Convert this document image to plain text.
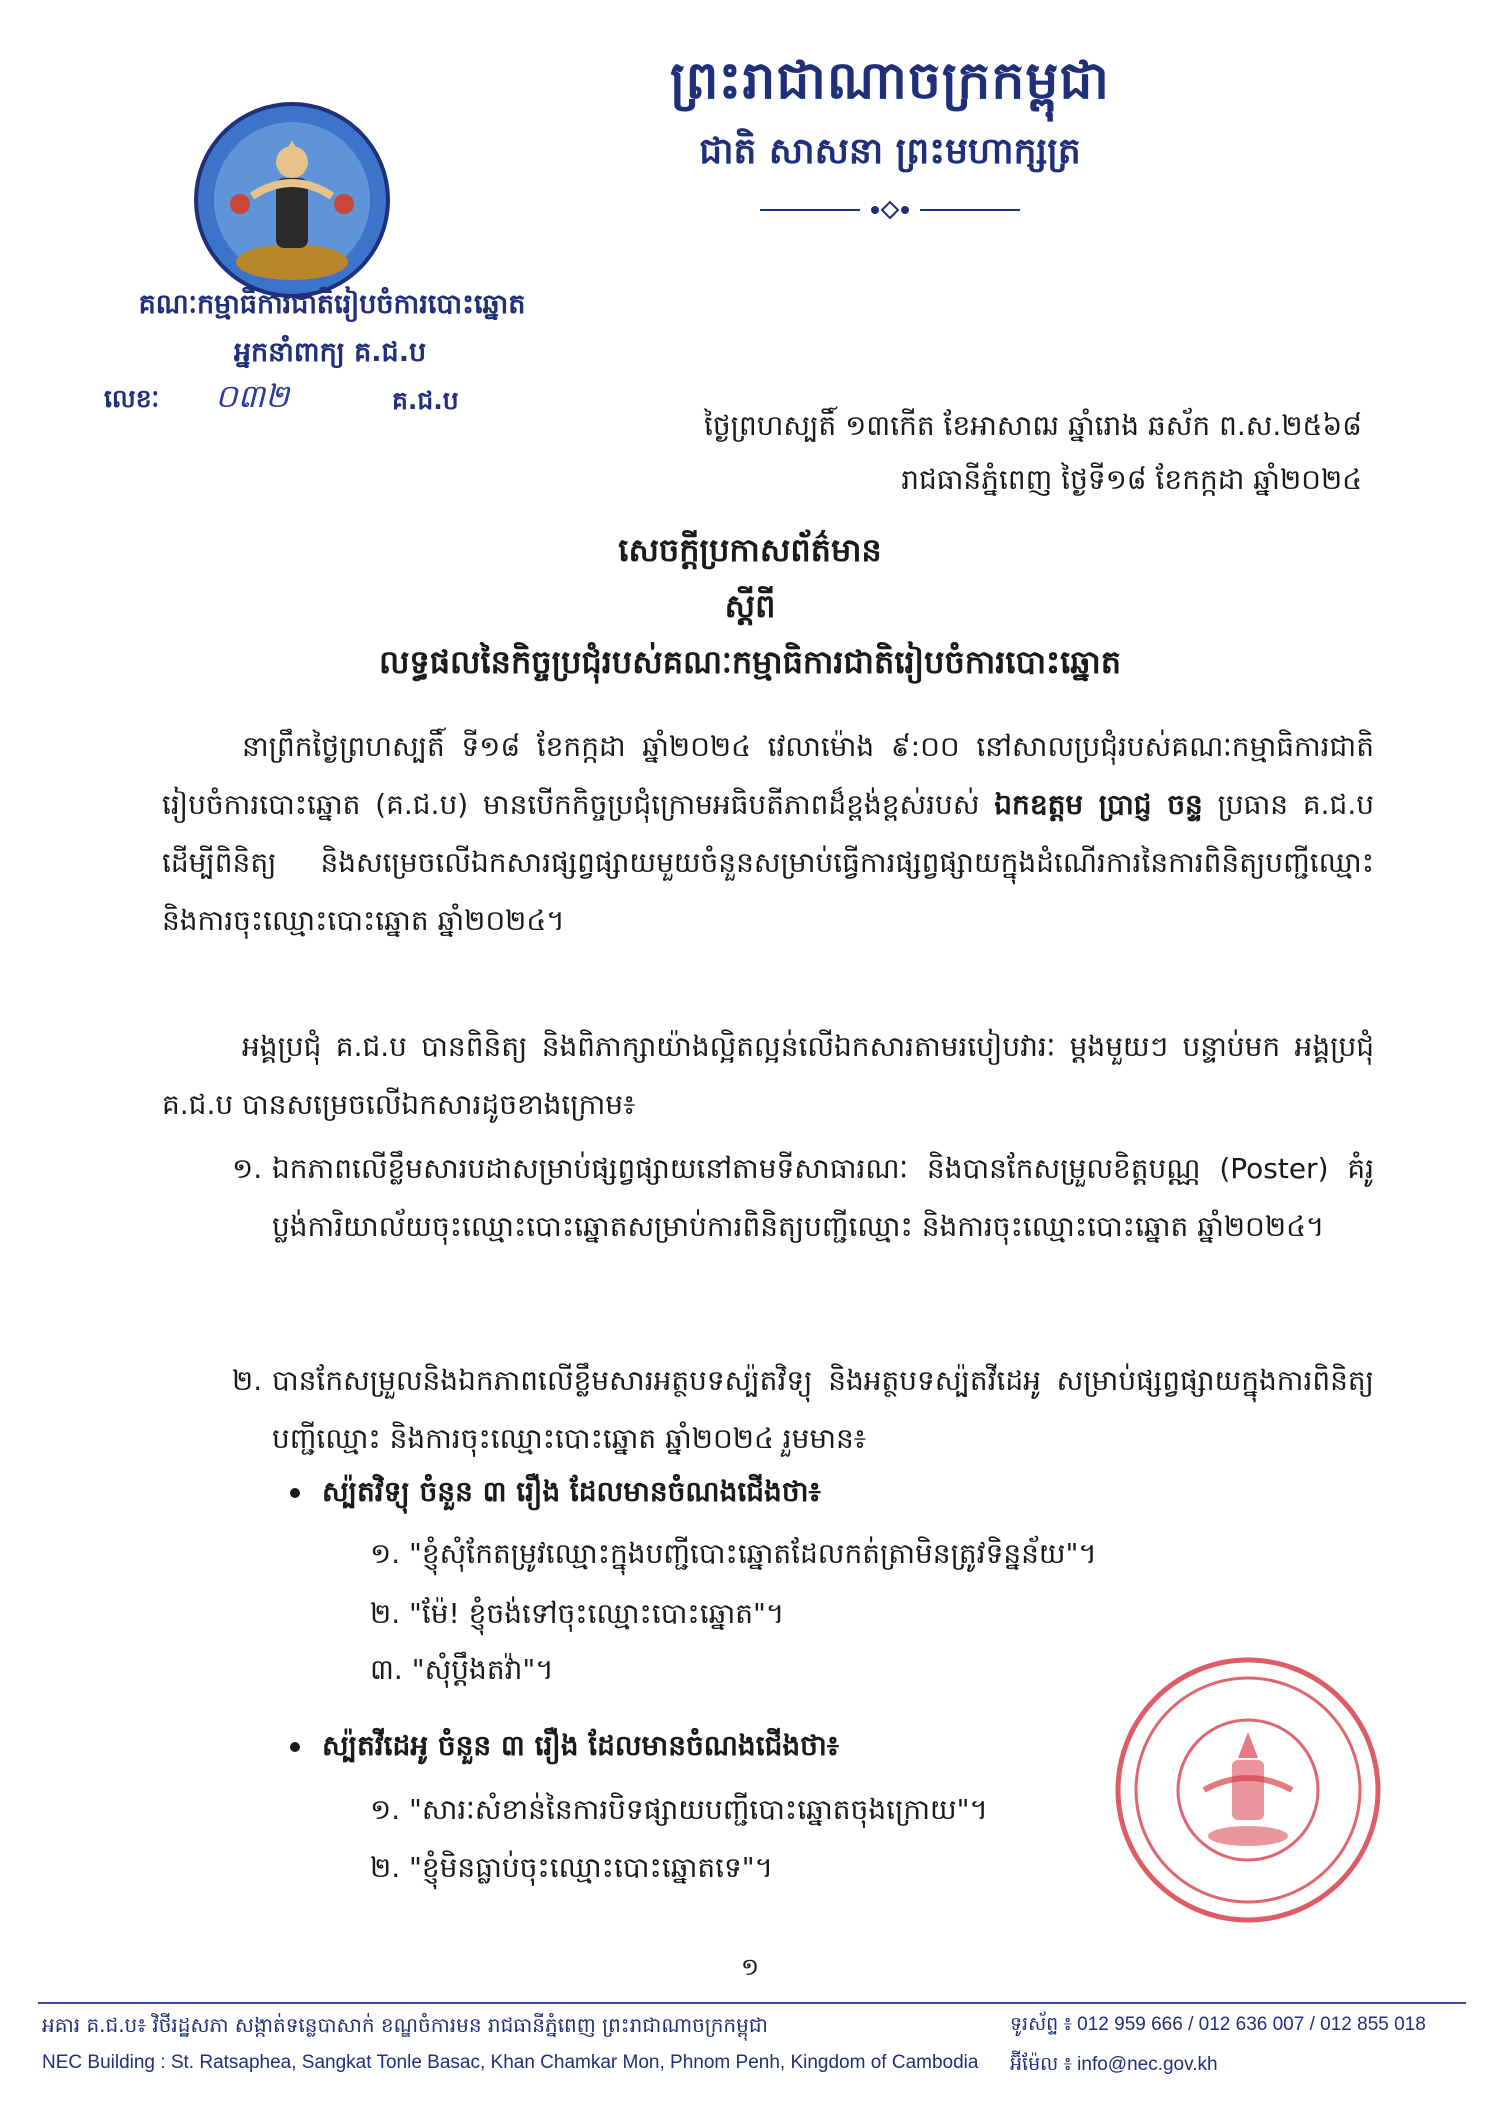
ព្រះរាជាណាចក្រកម្ពុជា
ជាតិ សាសនា ព្រះមហាក្សត្រ
គណៈកម្មាធិការជាតិរៀបចំការបោះឆ្នោត
អ្នកនាំពាក្យ គ.ជ.ប
លេខៈ ០៣២	គ.ជ.ប
ថ្ងៃព្រហស្បតិ៍ ១៣កើត ខែអាសាឍ ឆ្នាំរោង ឆស័ក ព.ស.២៥៦៨
រាជធានីភ្នំពេញ ថ្ងៃទី១៨ ខែកក្កដា ឆ្នាំ២០២៤
សេចក្តីប្រកាសព័ត៌មាន
ស្តីពី
លទ្ធផលនៃកិច្ចប្រជុំរបស់គណៈកម្មាធិការជាតិរៀបចំការបោះឆ្នោត
នាព្រឹកថ្ងៃព្រហស្បតិ៍ ទី១៨ ខែកក្កដា ឆ្នាំ២០២៤ វេលាម៉ោង ៩:០០ នៅសាលប្រជុំរបស់គណៈកម្មាធិការជាតិរៀបចំការបោះឆ្នោត (គ.ជ.ប) មានបើកកិច្ចប្រជុំក្រោមអធិបតីភាពដ៏ខ្ពង់ខ្ពស់របស់ ឯកឧត្តម ប្រាជ្ញ ចន្ទ ប្រធាន គ.ជ.ប ដើម្បីពិនិត្យ និងសម្រេចលើឯកសារផ្សព្វផ្សាយមួយចំនួនសម្រាប់ធ្វើការផ្សព្វផ្សាយក្នុងដំណើរការនៃការពិនិត្យបញ្ជីឈ្មោះ និងការចុះឈ្មោះបោះឆ្នោត ឆ្នាំ២០២៤។
អង្គប្រជុំ គ.ជ.ប បានពិនិត្យ និងពិភាក្សាយ៉ាងល្អិតល្អន់លើឯកសារតាមរបៀបវារៈ ម្តងមួយៗ បន្ទាប់មក អង្គប្រជុំ គ.ជ.ប បានសម្រេចលើឯកសារដូចខាងក្រោម៖
១. ឯកភាពលើខ្លឹមសារបដាសម្រាប់ផ្សព្វផ្សាយនៅតាមទីសាធារណៈ និងបានកែសម្រួលខិត្តបណ្ណ (Poster) គំរូប្លង់ការិយាល័យចុះឈ្មោះបោះឆ្នោតសម្រាប់ការពិនិត្យបញ្ជីឈ្មោះ និងការចុះឈ្មោះបោះឆ្នោត ឆ្នាំ២០២៤។
២. បានកែសម្រួលនិងឯកភាពលើខ្លឹមសារអត្ថបទស្ប៉តវិទ្យុ និងអត្ថបទស្ប៉តវីដេអូ សម្រាប់ផ្សព្វផ្សាយក្នុងការពិនិត្យបញ្ជីឈ្មោះ និងការចុះឈ្មោះបោះឆ្នោត ឆ្នាំ២០២៤ រួមមាន៖
ស្ប៉តវិទ្យុ ចំនួន ៣ រឿង ដែលមានចំណងជើងថា៖
១. "ខ្ញុំសុំកែតម្រូវឈ្មោះក្នុងបញ្ជីបោះឆ្នោតដែលកត់ត្រាមិនត្រូវទិន្នន័យ"។
២. "ម៉ែ! ខ្ញុំចង់ទៅចុះឈ្មោះបោះឆ្នោត"។
៣. "សុំប្តឹងតវ៉ា"។
ស្ប៉តវីដេអូ ចំនួន ៣ រឿង ដែលមានចំណងជើងថា៖
១. "សារៈសំខាន់នៃការបិទផ្សាយបញ្ជីបោះឆ្នោតចុងក្រោយ"។
២. "ខ្ញុំមិនធ្លាប់ចុះឈ្មោះបោះឆ្នោតទេ"។
១
អគារ គ.ជ.ប៖ វិថីរដ្ឋសភា សង្កាត់ទន្លេបាសាក់ ខណ្ឌចំការមន រាជធានីភ្នំពេញ ព្រះរាជាណាចក្រកម្ពុជា
NEC Building : St. Ratsaphea, Sangkat Tonle Basac, Khan Chamkar Mon, Phnom Penh, Kingdom of Cambodia
ទូរស័ព្ទ ៖ 012 959 666 / 012 636 007 / 012 855 018
អ៊ីម៉ែល ៖ info@nec.gov.kh
